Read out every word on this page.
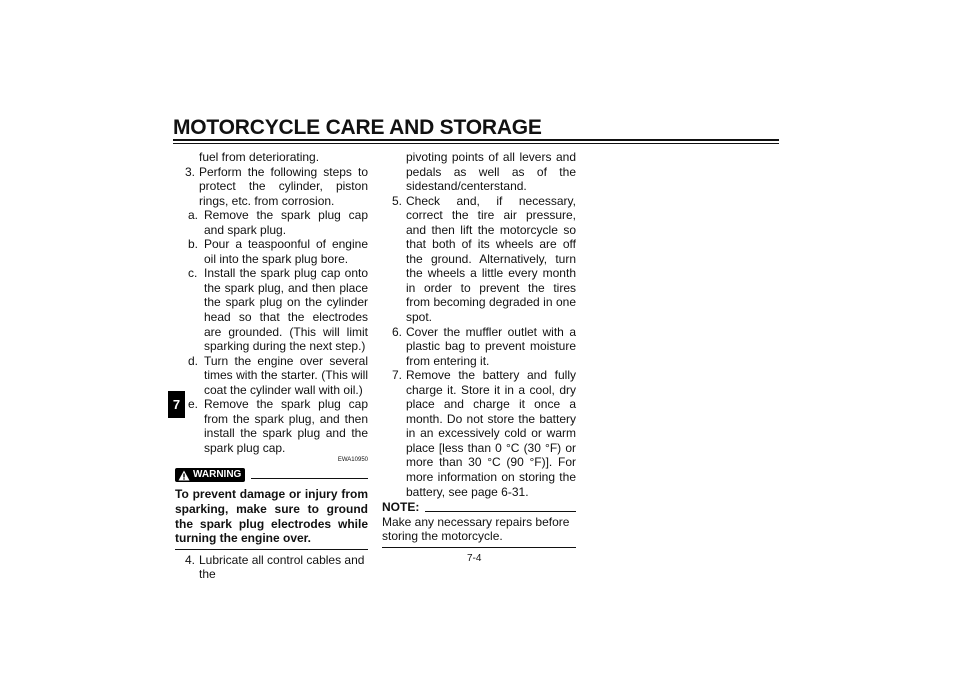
MOTORCYCLE CARE AND STORAGE
7

fuel from deteriorating.

3. Perform the following steps to protect the cylinder, piston rings, etc. from corrosion.
a. Remove the spark plug cap and spark plug.
b. Pour a teaspoonful of engine oil into the spark plug bore.
c. Install the spark plug cap onto the spark plug, and then place the spark plug on the cylinder head so that the electrodes are grounded. (This will limit sparking during the next step.)
d. Turn the engine over several times with the starter. (This will coat the cylinder wall with oil.)
e. Remove the spark plug cap from the spark plug, and then install the spark plug and the spark plug cap.
EWA10950
WARNING

To prevent damage or injury from sparking, make sure to ground the spark plug electrodes while turning the engine over.

4. Lubricate all control cables and the

pivoting points of all levers and pedals as well as of the sidestand/centerstand.

5. Check and, if necessary, correct the tire air pressure, and then lift the motorcycle so that both of its wheels are off the ground. Alternatively, turn the wheels a little every month in order to prevent the tires from becoming degraded in one spot.
6. Cover the muffler outlet with a plastic bag to prevent moisture from entering it.
7. Remove the battery and fully charge it. Store it in a cool, dry place and charge it once a month. Do not store the battery in an excessively cold or warm place [less than 0 °C (30 °F) or more than 30 °C (90 °F)]. For more information on storing the battery, see page 6-31.
NOTE:

Make any necessary repairs before storing the motorcycle.

7-4
